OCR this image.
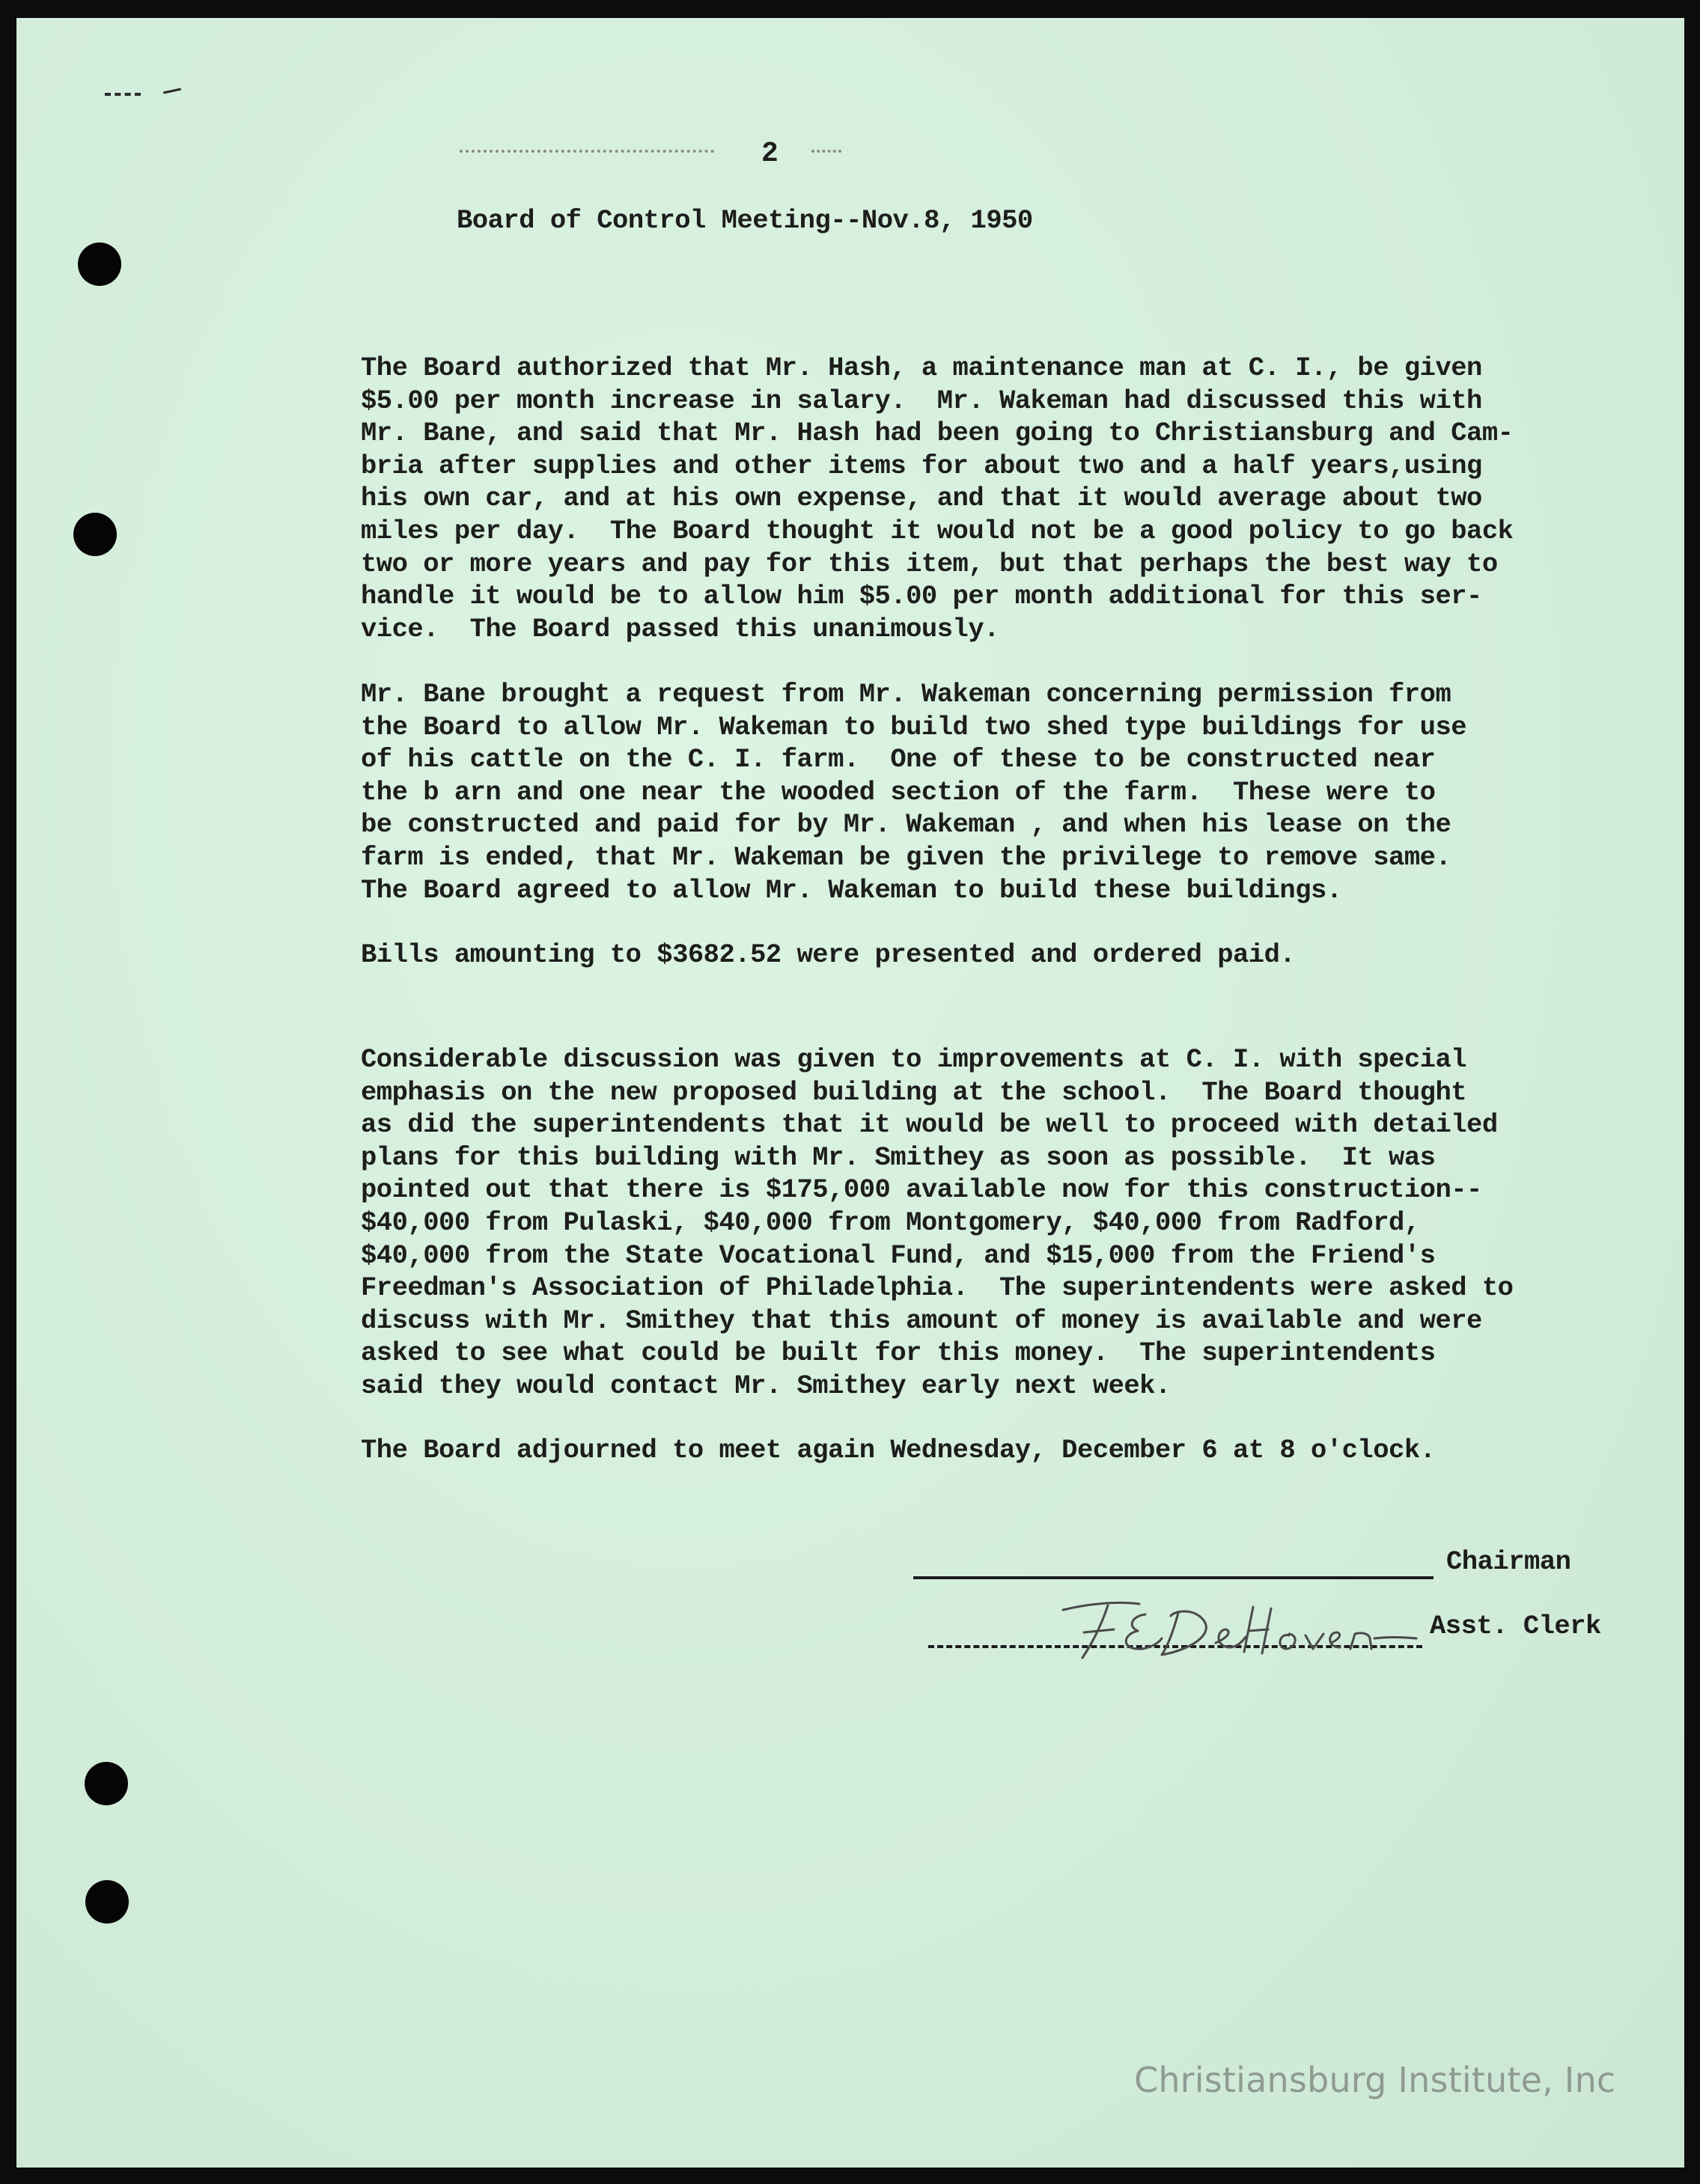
2
Board of Control Meeting--Nov.8, 1950

The Board authorized that Mr. Hash, a maintenance man at C. I., be given
$5.00 per month increase in salary.  Mr. Wakeman had discussed this with
Mr. Bane, and said that Mr. Hash had been going to Christiansburg and Cam-
bria after supplies and other items for about two and a half years,using
his own car, and at his own expense, and that it would average about two
miles per day.  The Board thought it would not be a good policy to go back
two or more years and pay for this item, but that perhaps the best way to
handle it would be to allow him $5.00 per month additional for this ser-
vice.  The Board passed this unanimously.

Mr. Bane brought a request from Mr. Wakeman concerning permission from
the Board to allow Mr. Wakeman to build two shed type buildings for use
of his cattle on the C. I. farm.  One of these to be constructed near
the b arn and one near the wooded section of the farm.  These were to
be constructed and paid for by Mr. Wakeman , and when his lease on the
farm is ended, that Mr. Wakeman be given the privilege to remove same.
The Board agreed to allow Mr. Wakeman to build these buildings.

Bills amounting to $3682.52 were presented and ordered paid.

Considerable discussion was given to improvements at C. I. with special
emphasis on the new proposed building at the school.  The Board thought
as did the superintendents that it would be well to proceed with detailed
plans for this building with Mr. Smithey as soon as possible.  It was
pointed out that there is $175,000 available now for this construction--
$40,000 from Pulaski, $40,000 from Montgomery, $40,000 from Radford,
$40,000 from the State Vocational Fund, and $15,000 from the Friend's
Freedman's Association of Philadelphia.  The superintendents were asked to
discuss with Mr. Smithey that this amount of money is available and were
asked to see what could be built for this money.  The superintendents
said they would contact Mr. Smithey early next week.

The Board adjourned to meet again Wednesday, December 6 at 8 o'clock.

Chairman
Asst. Clerk
Christiansburg Institute, Inc
